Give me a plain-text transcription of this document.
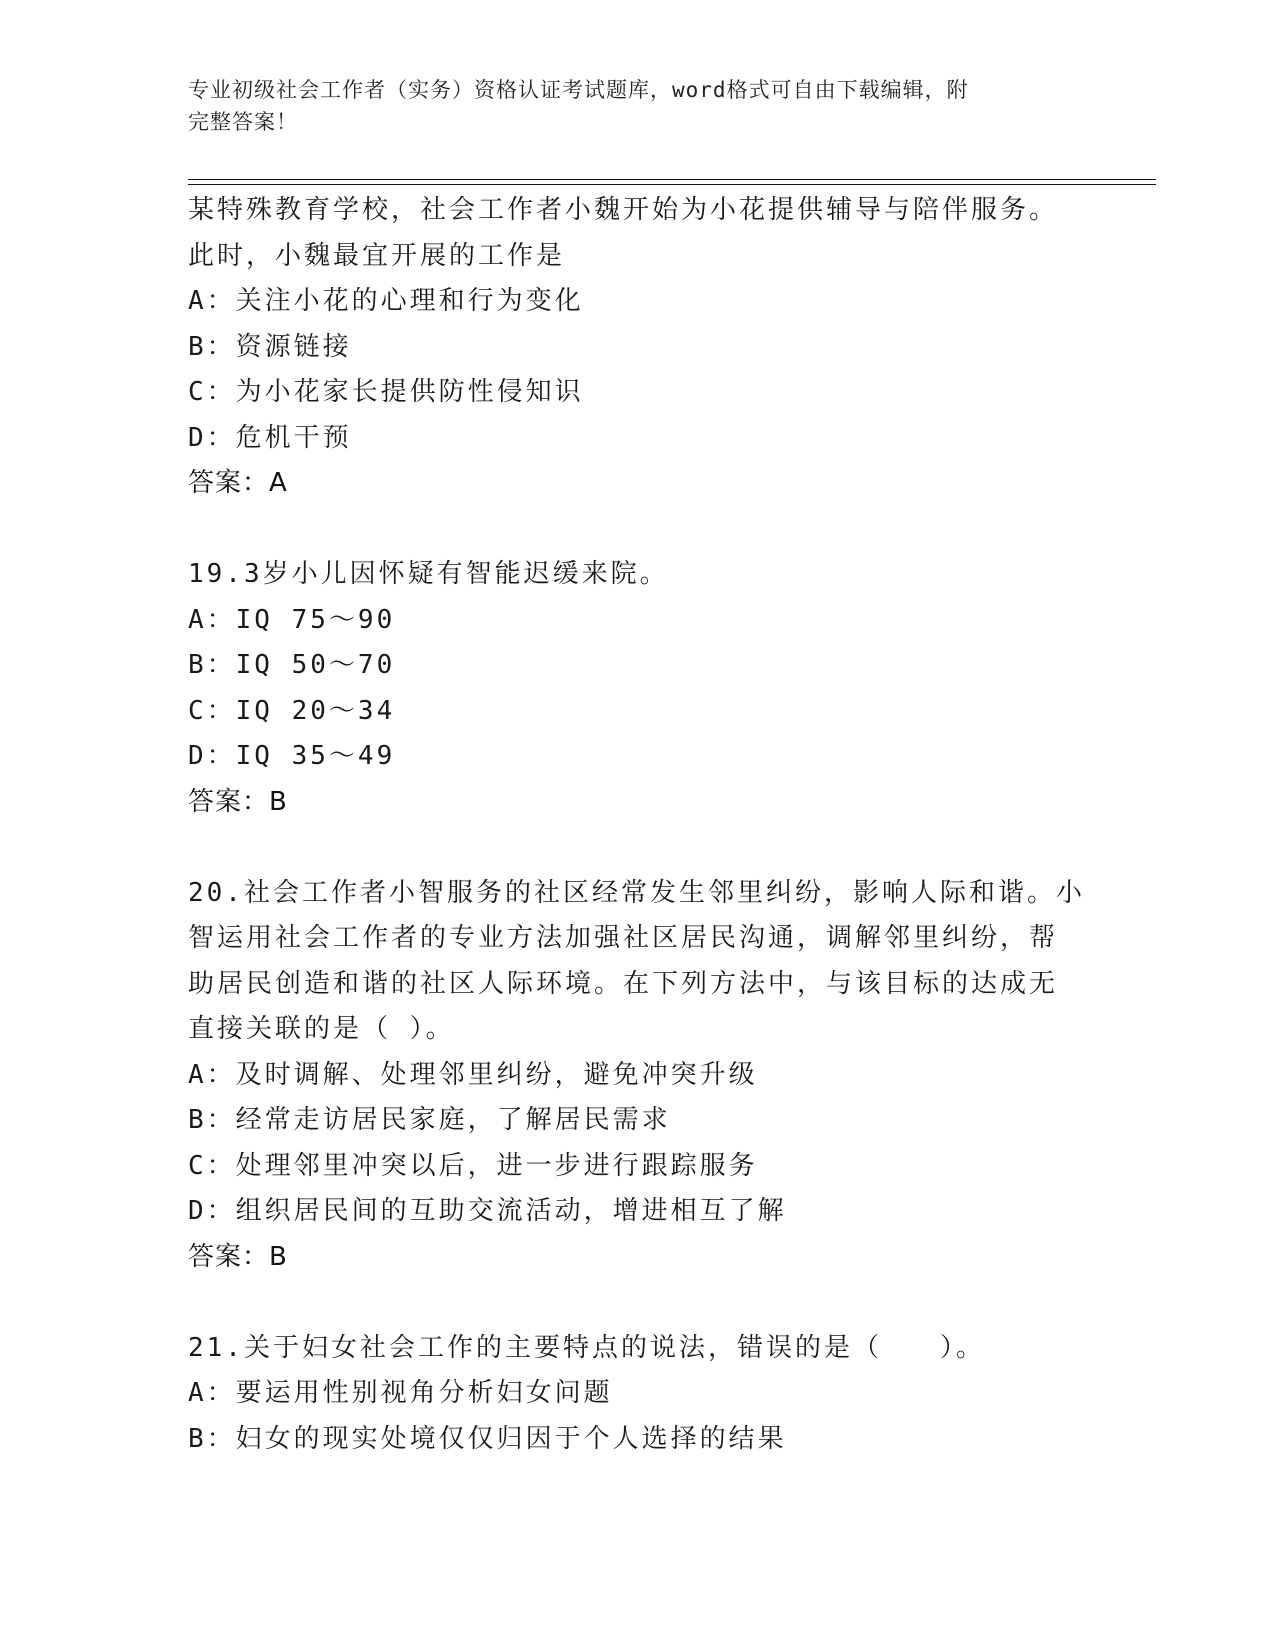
专业初级社会工作者（实务）资格认证考试题库，word格式可自由下载编辑，附
完整答案！
某特殊教育学校，社会工作者小魏开始为小花提供辅导与陪伴服务。
此时，小魏最宜开展的工作是
A：关注小花的心理和行为变化
B：资源链接
C：为小花家长提供防性侵知识
D：危机干预
答案：A
19.3岁小儿因怀疑有智能迟缓来院。
A：IQ 75～90
B：IQ 50～70
C：IQ 20～34
D：IQ 35～49
答案：B
20.社会工作者小智服务的社区经常发生邻里纠纷，影响人际和谐。小
智运用社会工作者的专业方法加强社区居民沟通，调解邻里纠纷，帮
助居民创造和谐的社区人际环境。在下列方法中，与该目标的达成无
直接关联的是（ ）。
A：及时调解、处理邻里纠纷，避免冲突升级
B：经常走访居民家庭，了解居民需求
C：处理邻里冲突以后，进一步进行跟踪服务
D：组织居民间的互助交流活动，增进相互了解
答案：B
21.关于妇女社会工作的主要特点的说法，错误的是（　　）。
A：要运用性别视角分析妇女问题
B：妇女的现实处境仅仅归因于个人选择的结果
